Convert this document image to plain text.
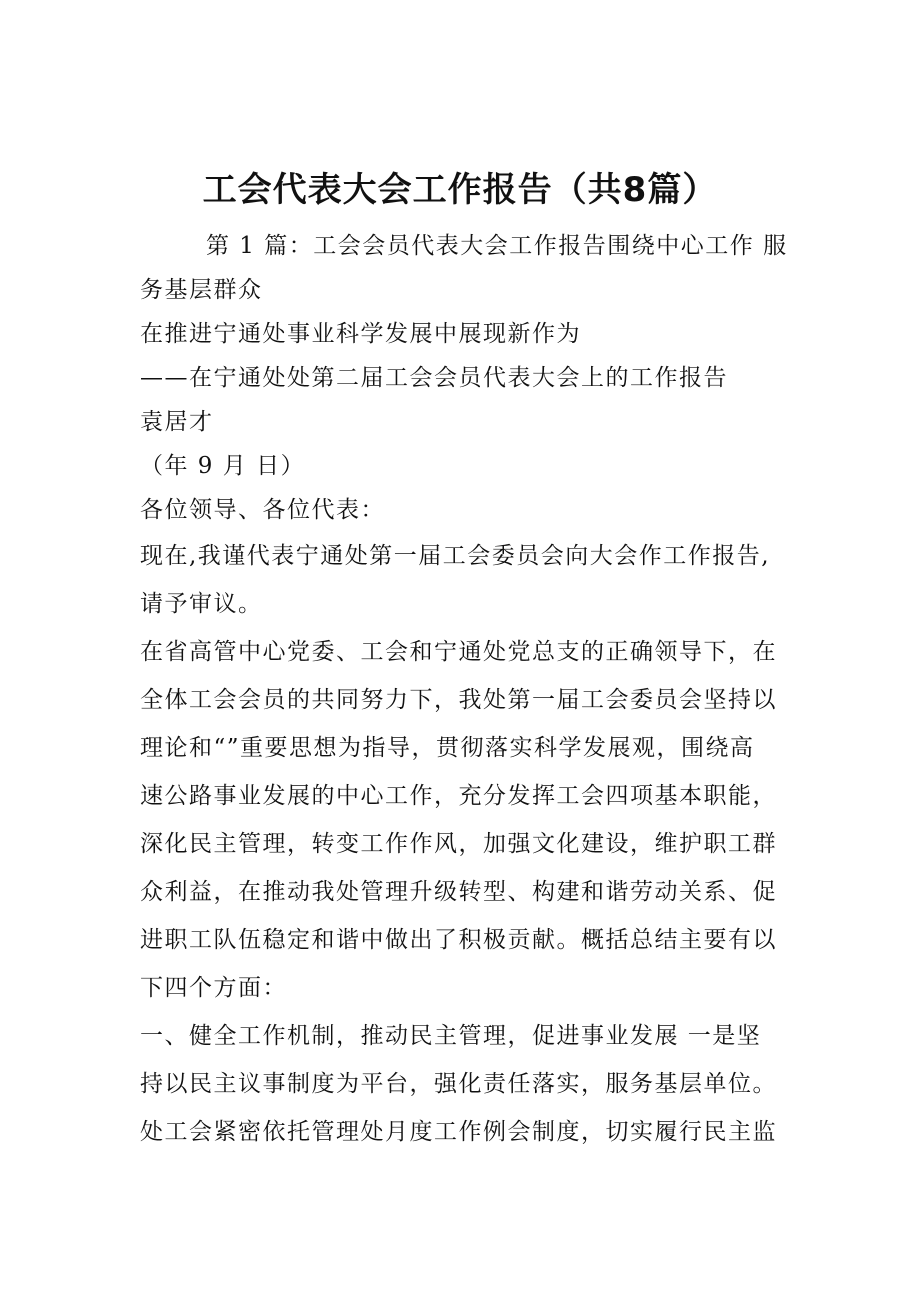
工会代表大会工作报告（共8篇）
第 1 篇：工会会员代表大会工作报告围绕中心工作 服
务基层群众
在推进宁通处事业科学发展中展现新作为
——在宁通处处第二届工会会员代表大会上的工作报告
袁居才
（年 9 月 日）
各位领导、各位代表：
现在,我谨代表宁通处第一届工会委员会向大会作工作报告,
请予审议。
在省高管中心党委、工会和宁通处党总支的正确领导下，在
全体工会会员的共同努力下，我处第一届工会委员会坚持以
理论和“”重要思想为指导，贯彻落实科学发展观，围绕高
速公路事业发展的中心工作，充分发挥工会四项基本职能，
深化民主管理，转变工作作风，加强文化建设，维护职工群
众利益，在推动我处管理升级转型、构建和谐劳动关系、促
进职工队伍稳定和谐中做出了积极贡献。概括总结主要有以
下四个方面：
一、健全工作机制，推动民主管理，促进事业发展 一是坚
持以民主议事制度为平台，强化责任落实，服务基层单位。
处工会紧密依托管理处月度工作例会制度，切实履行民主监
